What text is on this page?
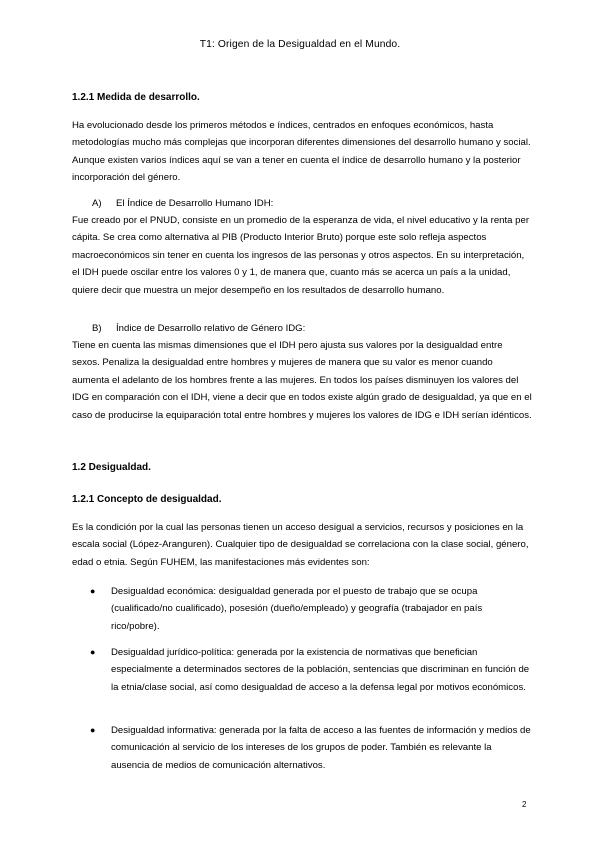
T1: Origen de la Desigualdad en el Mundo.
1.2.1 Medida de desarrollo.

Ha evolucionado desde los primeros métodos e índices, centrados en enfoques económicos, hasta metodologías mucho más complejas que incorporan diferentes dimensiones del desarrollo humano y social. Aunque existen varios índices aquí se van a tener en cuenta el índice de desarrollo humano y la posterior incorporación del género.

A) El Índice de Desarrollo Humano IDH:

Fue creado por el PNUD, consiste en un promedio de la esperanza de vida, el nivel educativo y la renta per cápita. Se crea como alternativa al PIB (Producto Interior Bruto) porque este solo refleja aspectos macroeconómicos sin tener en cuenta los ingresos de las personas y otros aspectos. En su interpretación, el IDH puede oscilar entre los valores 0 y 1, de manera que, cuanto más se acerca un país a la unidad, quiere decir que muestra un mejor desempeño en los resultados de desarrollo humano.

B) Índice de Desarrollo relativo de Género IDG:

Tiene en cuenta las mismas dimensiones que el IDH pero ajusta sus valores por la desigualdad entre sexos. Penaliza la desigualdad entre hombres y mujeres de manera que su valor es menor cuando aumenta el adelanto de los hombres frente a las mujeres. En todos los países disminuyen los valores del IDG en comparación con el IDH, viene a decir que en todos existe algún grado de desigualdad, ya que en el caso de producirse la equiparación total entre hombres y mujeres los valores de IDG e IDH serían idénticos.

1.2 Desigualdad.
1.2.1 Concepto de desigualdad.

Es la condición por la cual las personas tienen un acceso desigual a servicios, recursos y posiciones en la escala social (López-Aranguren). Cualquier tipo de desigualdad se correlaciona con la clase social, género, edad o etnia. Según FUHEM, las manifestaciones más evidentes son:

● Desigualdad económica: desigualdad generada por el puesto de trabajo que se ocupa (cualificado/no cualificado), posesión (dueño/empleado) y geografía (trabajador en país rico/pobre).
● Desigualdad jurídico-política: generada por la existencia de normativas que benefician especialmente a determinados sectores de la población, sentencias que discriminan en función de la etnia/clase social, así como desigualdad de acceso a la defensa legal por motivos económicos.
● Desigualdad informativa: generada por la falta de acceso a las fuentes de información y medios de comunicación al servicio de los intereses de los grupos de poder. También es relevante la ausencia de medios de comunicación alternativos.
2
